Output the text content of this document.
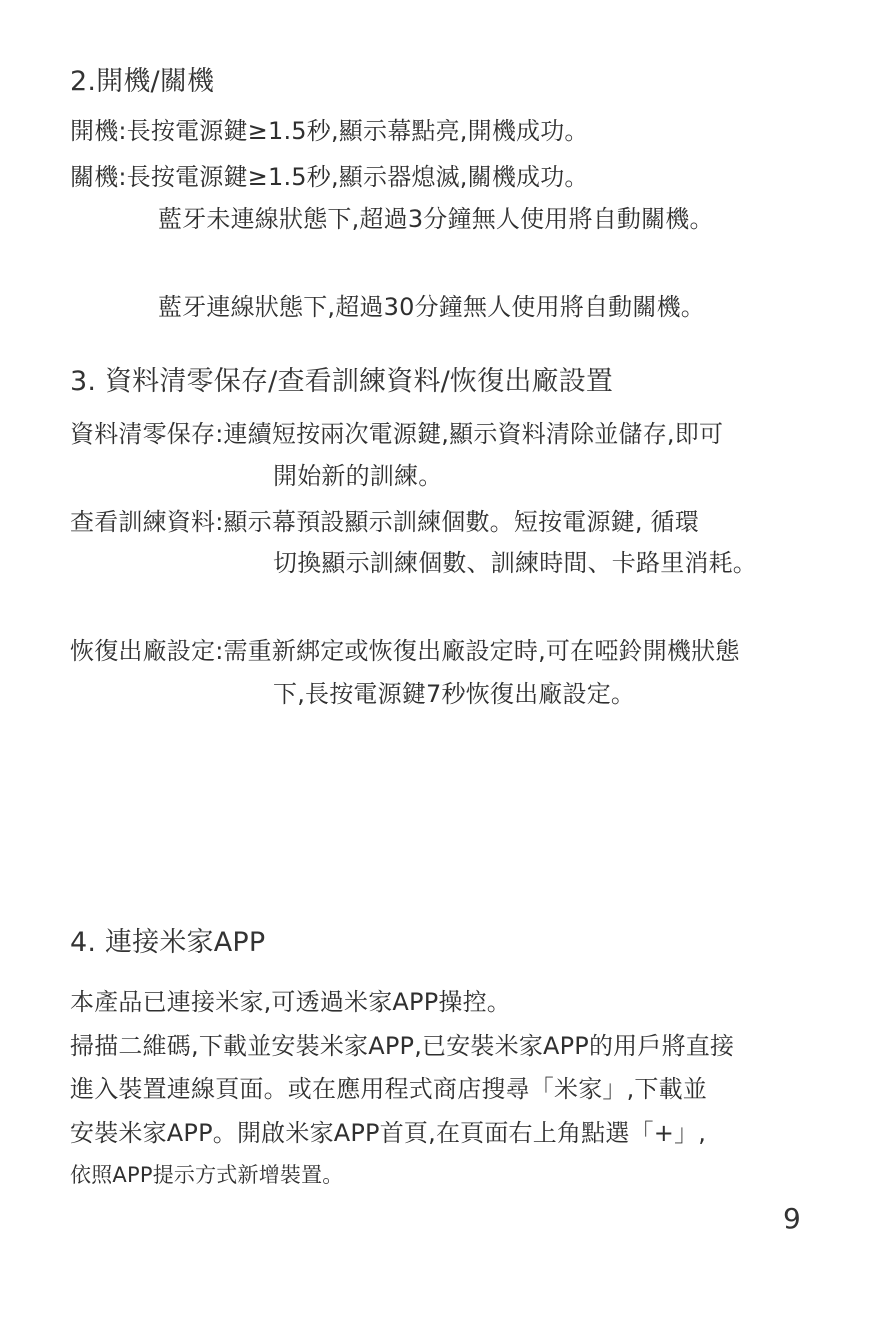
2.開機/關機
開機:長按電源鍵≥1.5秒,顯示幕點亮,開機成功。
關機:長按電源鍵≥1.5秒,顯示器熄滅,關機成功。
藍牙未連線狀態下,超過3分鐘無人使用將自動關機。
藍牙連線狀態下,超過30分鐘無人使用將自動關機。
3. 資料清零保存/查看訓練資料/恢復出廠設置
資料清零保存:連續短按兩次電源鍵,顯示資料清除並儲存,即可
開始新的訓練。
查看訓練資料:顯示幕預設顯示訓練個數。短按電源鍵, 循環
切換顯示訓練個數、訓練時間、卡路里消耗。
恢復出廠設定:需重新綁定或恢復出廠設定時,可在啞鈴開機狀態
下,長按電源鍵7秒恢復出廠設定。
4. 連接米家APP
本產品已連接米家,可透過米家APP操控。
掃描二維碼,下載並安裝米家APP,已安裝米家APP的用戶將直接
進入裝置連線頁面。或在應用程式商店搜尋「米家」,下載並
安裝米家APP。開啟米家APP首頁,在頁面右上角點選「+」,
依照APP提示方式新增裝置。
9
